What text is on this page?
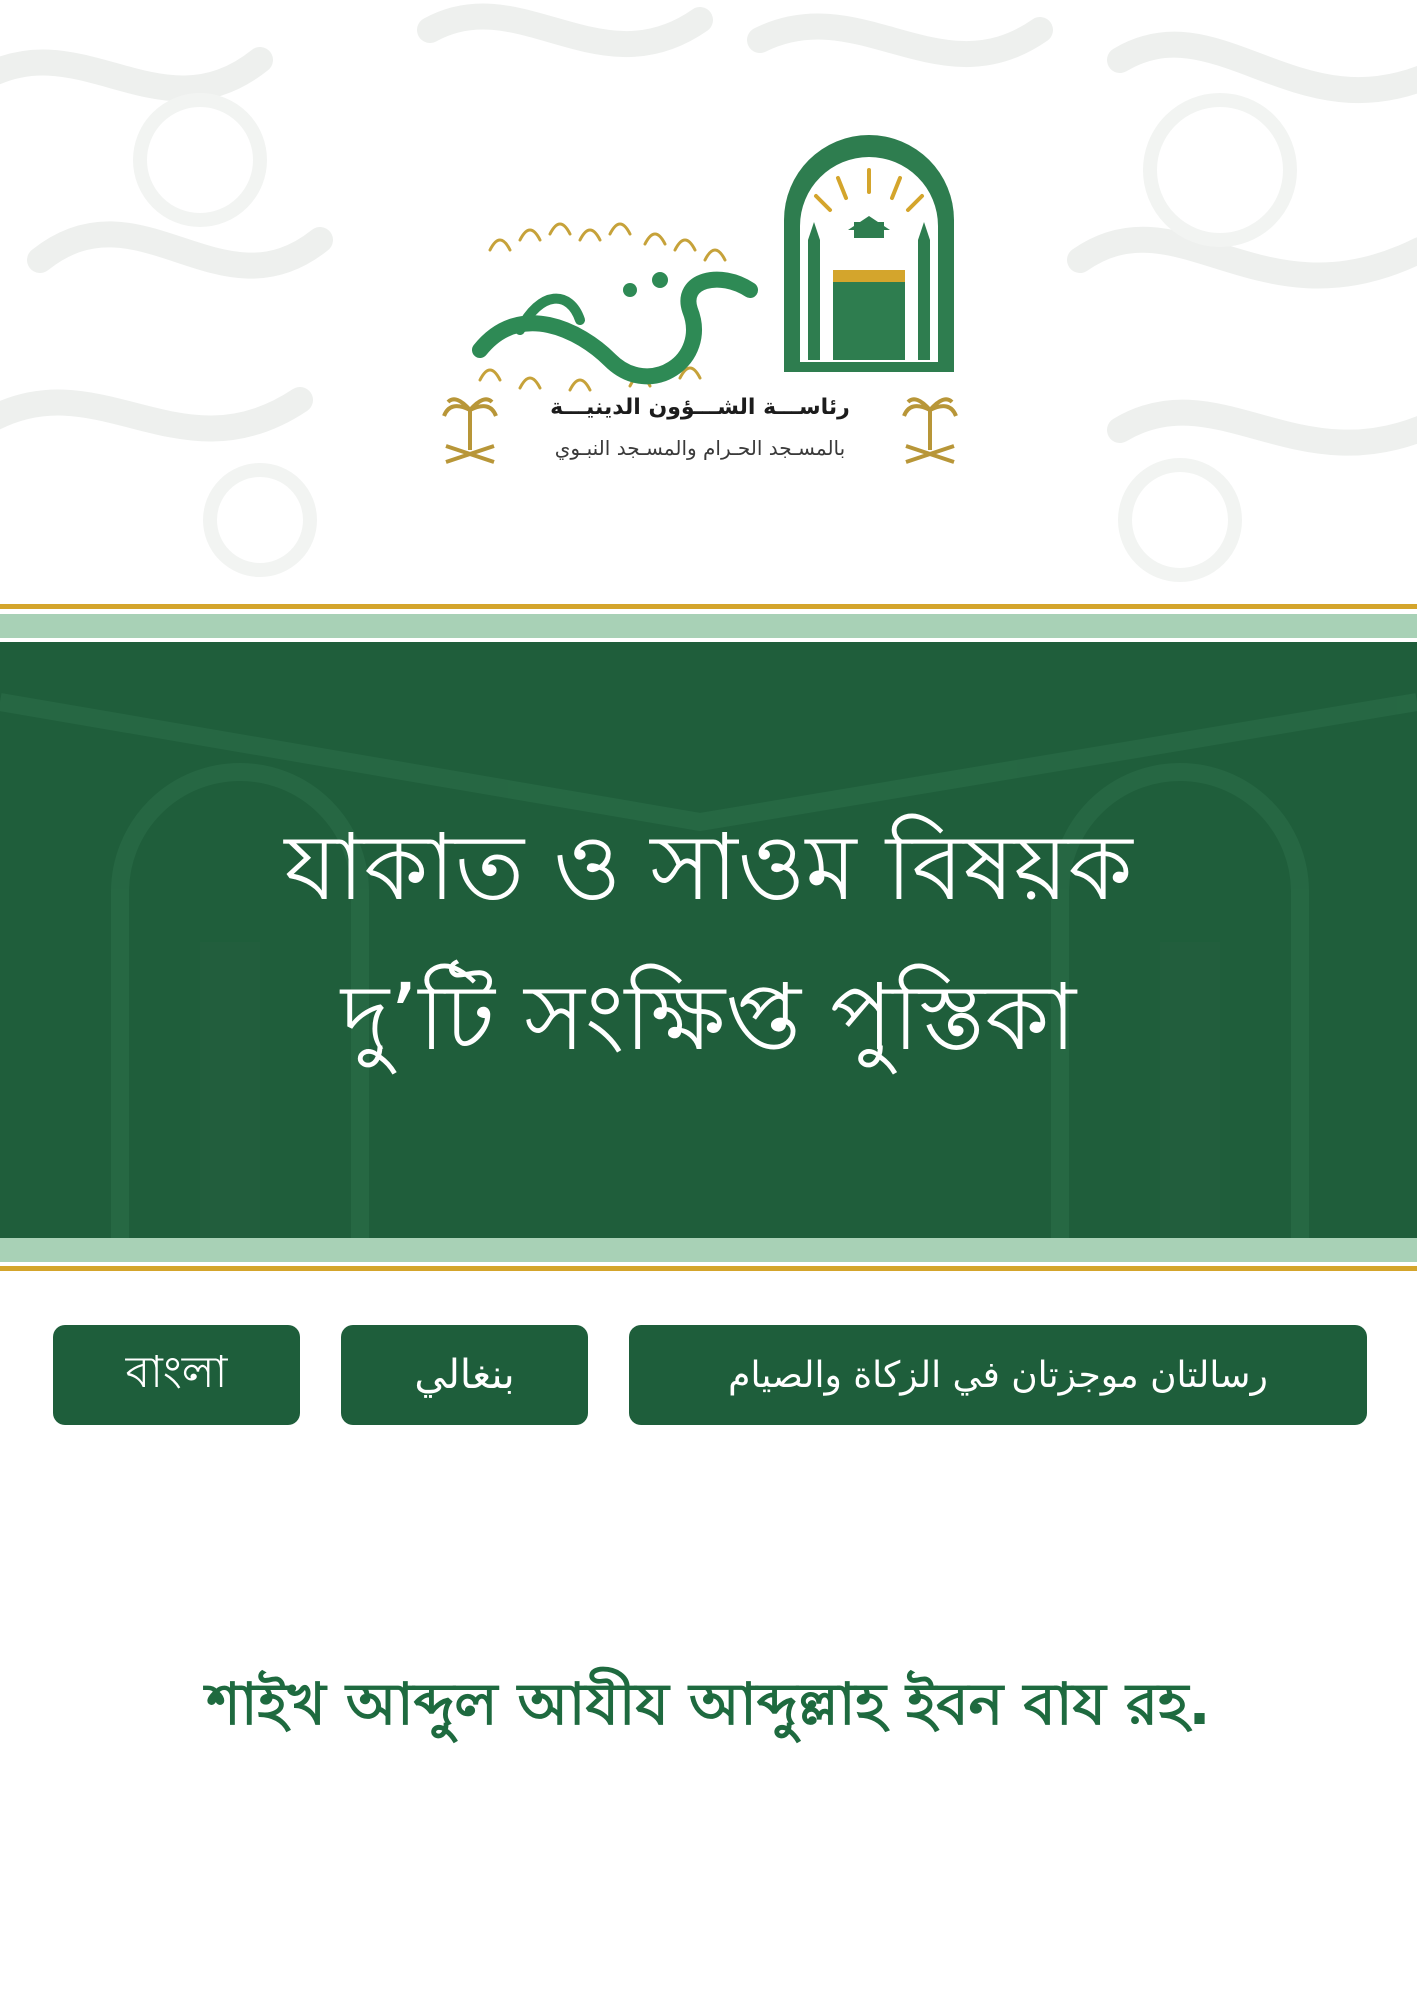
حرمين
رئاســـة الشـــؤون الدينيـــة
بالمسـجد الحـرام والمسـجد النبـوي
যাকাত ও সাওম বিষয়ক
দু’টি সংক্ষিপ্ত পুস্তিকা
বাংলা	بنغالي	رسالتان موجزتان في الزكاة والصيام
শাইখ আব্দুল আযীয আব্দুল্লাহ ইবন বায রহ.
